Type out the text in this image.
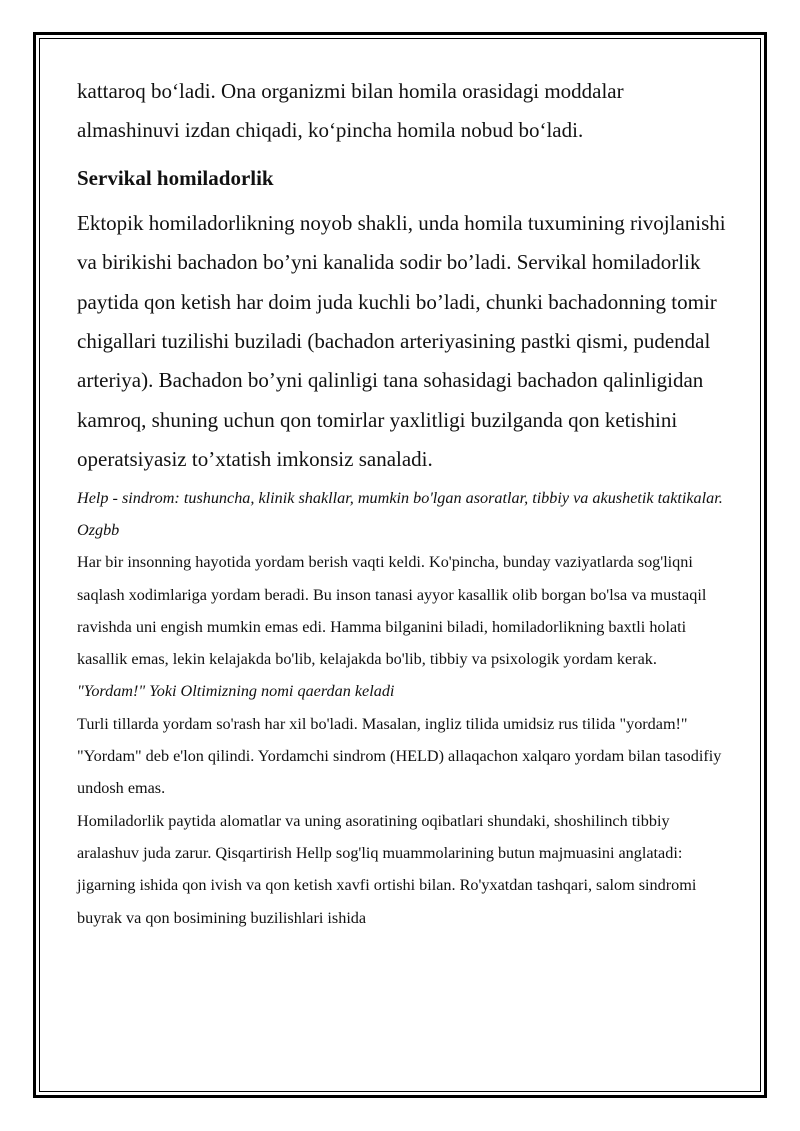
kattaroq bo‘ladi. Ona organizmi bilan homila orasidagi moddalar almashinuvi izdan chiqadi, ko‘pincha homila nobud bo‘ladi.

Servikal homiladorlik

Ektopik homiladorlikning noyob shakli, unda homila tuxumining rivojlanishi va birikishi bachadon bo’yni kanalida sodir bo’ladi. Servikal homiladorlik paytida qon ketish har doim juda kuchli bo’ladi, chunki bachadonning tomir chigallari tuzilishi buziladi (bachadon arteriyasining pastki qismi, pudendal arteriya). Bachadon bo’yni qalinligi tana sohasidagi bachadon qalinligidan kamroq, shuning uchun qon tomirlar yaxlitligi buzilganda qon ketishini operatsiyasiz to’xtatish imkonsiz sanaladi.

Help - sindrom: tushuncha, klinik shakllar, mumkin bo'lgan asoratlar, tibbiy va akushetik taktikalar. Ozgbb

Har bir insonning hayotida yordam berish vaqti keldi. Ko'pincha, bunday vaziyatlarda sog'liqni saqlash xodimlariga yordam beradi. Bu inson tanasi ayyor kasallik olib borgan bo'lsa va mustaqil ravishda uni engish mumkin emas edi. Hamma bilganini biladi, homiladorlikning baxtli holati kasallik emas, lekin kelajakda bo'lib, kelajakda bo'lib, tibbiy va psixologik yordam kerak.

"Yordam!" Yoki Oltimizning nomi qaerdan keladi

Turli tillarda yordam so'rash har xil bo'ladi. Masalan, ingliz tilida umidsiz rus tilida "yordam!" "Yordam" deb e'lon qilindi. Yordamchi sindrom (HELD) allaqachon xalqaro yordam bilan tasodifiy undosh emas.

Homiladorlik paytida alomatlar va uning asoratining oqibatlari shundaki, shoshilinch tibbiy aralashuv juda zarur. Qisqartirish Hellp sog'liq muammolarining butun majmuasini anglatadi: jigarning ishida qon ivish va qon ketish xavfi ortishi bilan. Ro'yxatdan tashqari, salom sindromi buyrak va qon bosimining buzilishlari ishida
